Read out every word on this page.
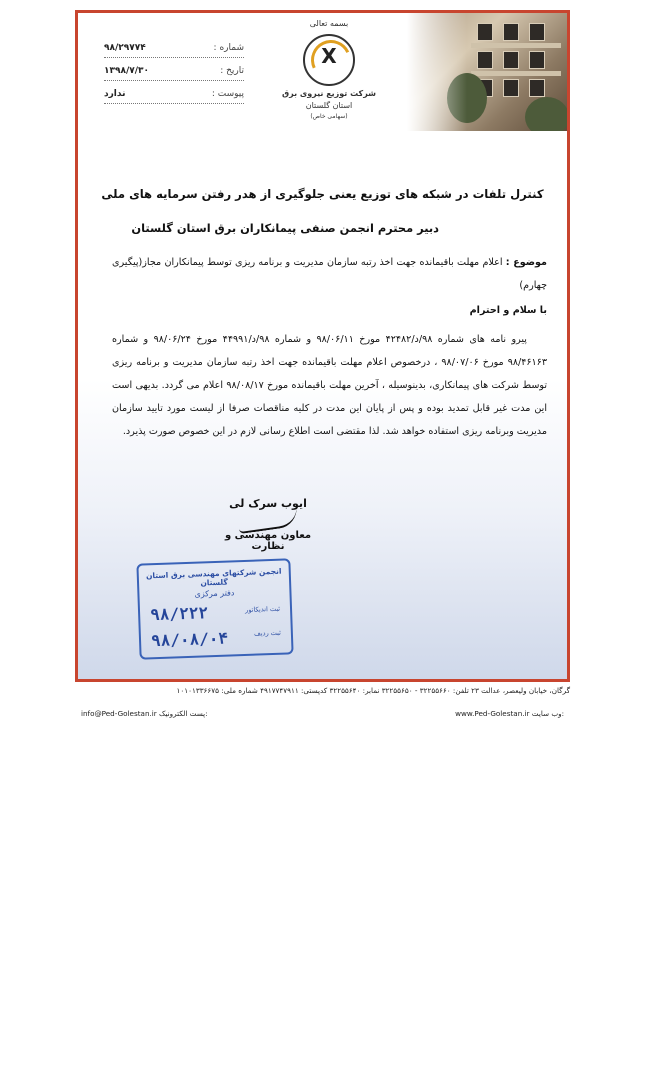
بسمه تعالی
X
شرکت توزیع نیروی برق
استان گلستان
(سهامی خاص)
شماره :
۹۸/۲۹۷۷۴
تاریخ :
۱۳۹۸/۷/۳۰
پیوست :
ندارد
کنترل تلفات در شبکه های توزیع یعنی جلوگیری از هدر رفتن سرمایه های ملی
دبیر محترم انجمن صنفی پیمانکاران برق استان گلستان

موضوع : اعلام مهلت باقیمانده جهت اخذ رتبه سازمان مدیریت و برنامه ریزی توسط پیمانکاران مجاز(پیگیری چهارم)

با سلام و احترام

پیرو نامه های شماره ۹۸/د/۴۲۴۸۲ مورخ ۹۸/۰۶/۱۱ و شماره ۹۸/د/۴۴۹۹۱ مورخ ۹۸/۰۶/۲۴ و شماره ۹۸/۴۶۱۶۳ مورخ ۹۸/۰۷/۰۶ ، درخصوص اعلام مهلت باقیمانده جهت اخذ رتبه سازمان مدیریت و برنامه ریزی توسط شرکت های پیمانکاری، بدینوسیله ، آخرین مهلت باقیمانده مورخ ۹۸/۰۸/۱۷ اعلام می گردد. بدیهی است این مدت غیر قابل تمدید بوده و پس از پایان این مدت در کلیه مناقصات صرفا از لیست مورد تایید سازمان مدیریت وبرنامه ریزی استفاده خواهد شد. لذا مقتضی است اطلاع رسانی لازم در این خصوص صورت پذیرد.

ایوب سرک لی
معاون مهندسی و نظارت
انجمن شرکتهای مهندسی برق استان گلستان
دفتر مرکزی
ثبت اندیکاتور
۹۸/۲۲۲
ثبت ردیف
۹۸/۰۸/۰۴
گرگان، خیابان ولیعصر، عدالت ۲۳ تلفن: ۳۲۲۵۵۶۶۰ - ۳۲۲۵۵۶۵۰ نمابر: ۳۲۲۵۵۶۴۰ کدپستی: ۴۹۱۷۷۴۷۹۱۱ شماره ملی: ۱۰۱۰۱۳۳۶۶۷۵
info@Ped-Golestan.ir پست الکترونیک:	www.Ped-Golestan.ir وب سایت:
